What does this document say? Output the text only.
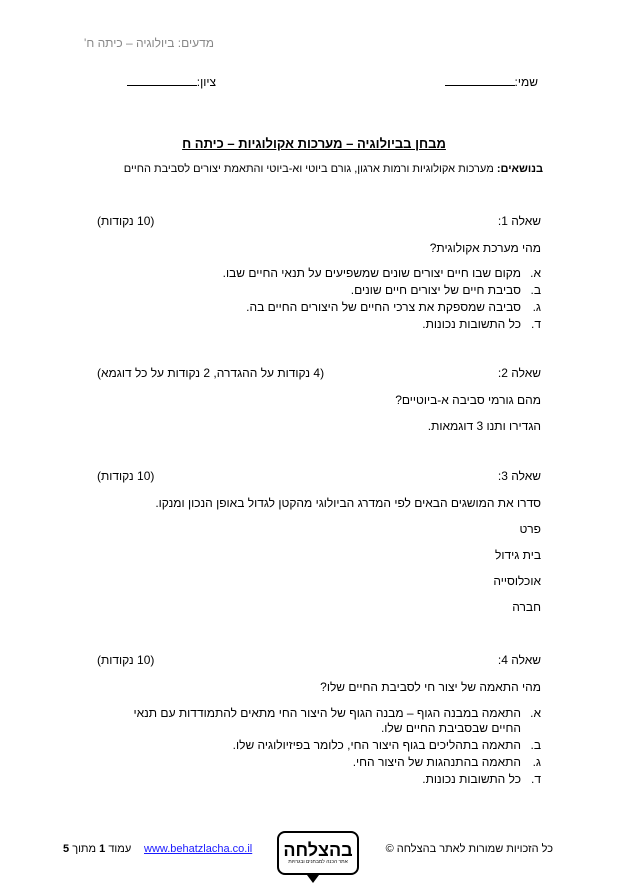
מדעים: ביולוגיה – כיתה ח'
שמי:
ציון:
מבחן בביולוגיה – מערכות אקולוגיות – כיתה ח
בנושאים: מערכות אקולוגיות ורמות ארגון, גורם ביוטי וא-ביוטי והתאמת יצורים לסביבת החיים
שאלה 1:
(10 נקודות)
מהי מערכת אקולוגית?
א.
מקום שבו חיים יצורים שונים שמשפיעים על תנאי החיים שבו.
ב.
סביבת חיים של יצורים חיים שונים.
ג.
סביבה שמספקת את צרכי החיים של היצורים החיים בה.
ד.
כל התשובות נכונות.
שאלה 2:
(4 נקודות על ההגדרה, 2 נקודות על כל דוגמא)
מהם גורמי סביבה א-ביוטיים?
הגדירו ותנו 3 דוגמאות.
שאלה 3:
(10 נקודות)
סדרו את המושגים הבאים לפי המדרג הביולוגי מהקטן לגדול באופן הנכון ומנקו.
פרט
בית גידול
אוכלוסייה
חברה
שאלה 4:
(10 נקודות)
מהי התאמה של יצור חי לסביבת החיים שלו?
א.
התאמה במבנה הגוף – מבנה הגוף של היצור החי מתאים להתמודדות עם תנאי החיים שבסביבת החיים שלו.
ב.
התאמה בתהליכים בגוף היצור החי, כלומר בפיזיולוגיה שלו.
ג.
התאמה בהתנהגות של היצור החי.
ד.
כל התשובות נכונות.
כל הזכויות שמורות לאתר בהצלחה ©
בהצלחה
אתר הכנה למבחנים ובגרויות
www.behatzlacha.co.il
עמוד 1 מתוך 5
